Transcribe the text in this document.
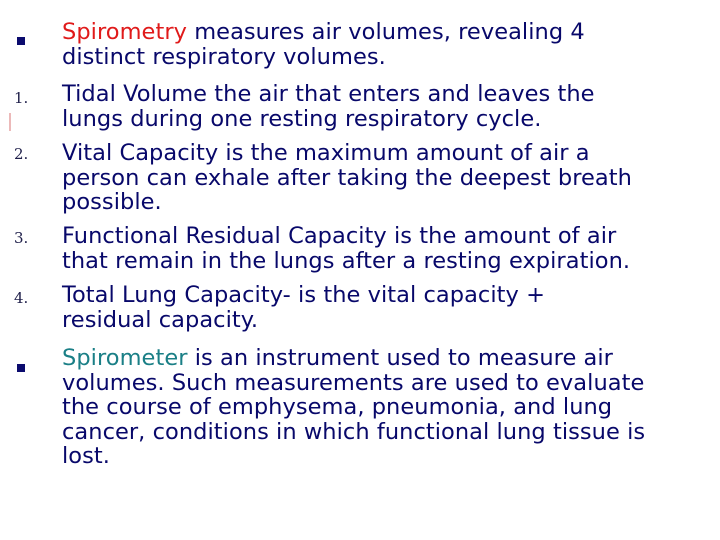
Spirometry measures air volumes, revealing 4
distinct respiratory volumes.
1.	Tidal Volume the air that enters and leaves the
lungs during one resting respiratory cycle.
2.	Vital Capacity is the maximum amount of air a
person can exhale after taking the deepest breath
possible.
3.	Functional Residual Capacity is the amount of air
that remain in the lungs after a resting expiration.
4.	Total Lung Capacity- is the vital capacity +
residual capacity.
Spirometer is an instrument used to measure air
volumes. Such measurements are used to evaluate
the course of emphysema, pneumonia, and lung
cancer, conditions in which functional lung tissue is
lost.
